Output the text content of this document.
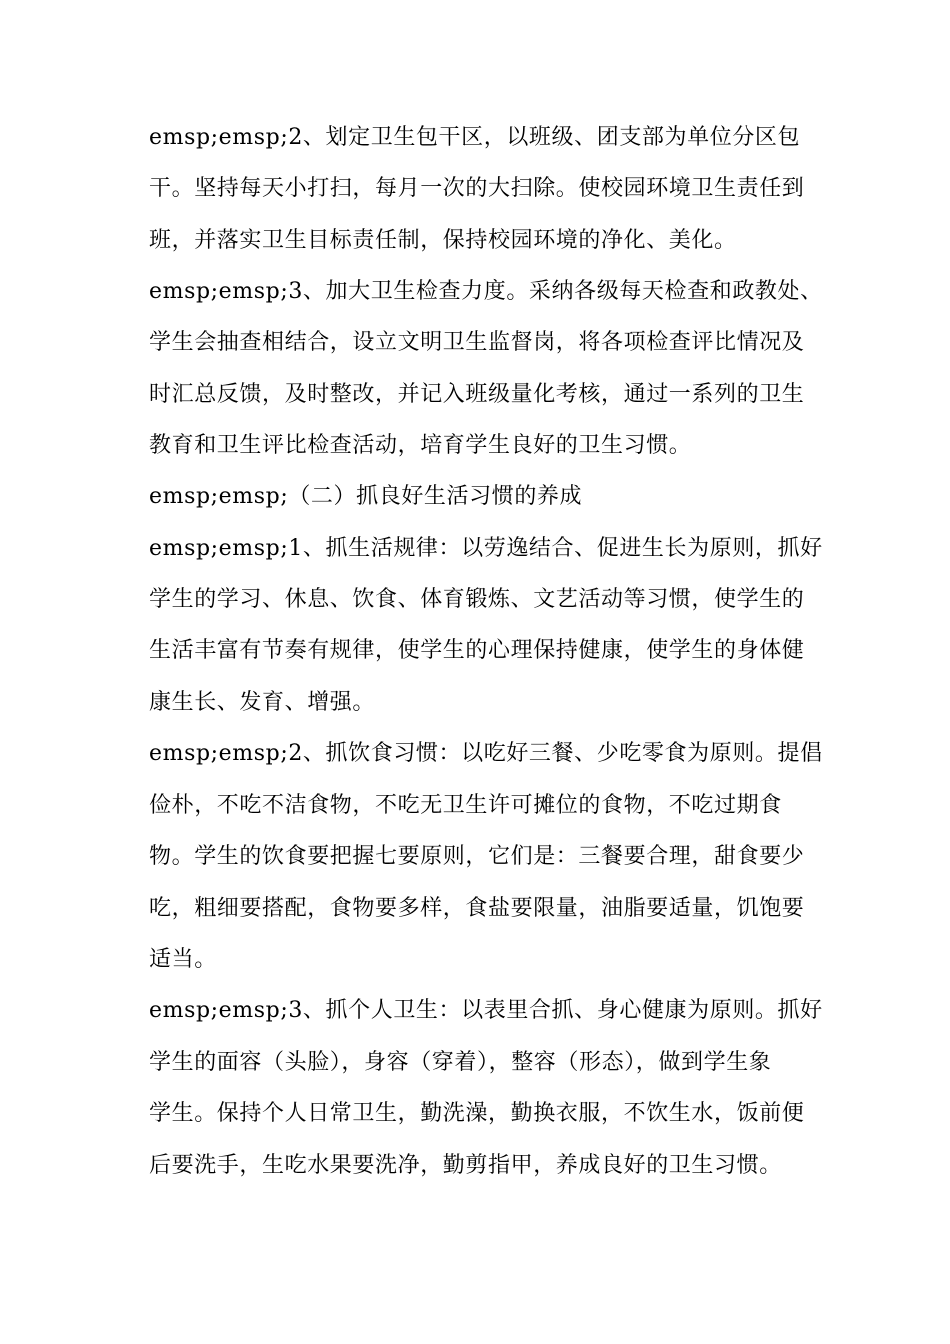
emsp;emsp;2、划定卫生包干区，以班级、团支部为单位分区包
干。坚持每天小打扫，每月一次的大扫除。使校园环境卫生责任到
班，并落实卫生目标责任制，保持校园环境的净化、美化。
emsp;emsp;3、加大卫生检查力度。采纳各级每天检查和政教处、
学生会抽查相结合，设立文明卫生监督岗，将各项检查评比情况及
时汇总反馈，及时整改，并记入班级量化考核，通过一系列的卫生
教育和卫生评比检查活动，培育学生良好的卫生习惯。
emsp;emsp;（二）抓良好生活习惯的养成
emsp;emsp;1、抓生活规律：以劳逸结合、促进生长为原则，抓好
学生的学习、休息、饮食、体育锻炼、文艺活动等习惯，使学生的
生活丰富有节奏有规律，使学生的心理保持健康，使学生的身体健
康生长、发育、增强。
emsp;emsp;2、抓饮食习惯：以吃好三餐、少吃零食为原则。提倡
俭朴，不吃不洁食物，不吃无卫生许可摊位的食物，不吃过期食
物。学生的饮食要把握七要原则，它们是：三餐要合理，甜食要少
吃，粗细要搭配，食物要多样，食盐要限量，油脂要适量，饥饱要
适当。
emsp;emsp;3、抓个人卫生：以表里合抓、身心健康为原则。抓好
学生的面容（头脸），身容（穿着），整容（形态），做到学生象
学生。保持个人日常卫生，勤洗澡，勤换衣服，不饮生水，饭前便
后要洗手，生吃水果要洗净，勤剪指甲，养成良好的卫生习惯。
